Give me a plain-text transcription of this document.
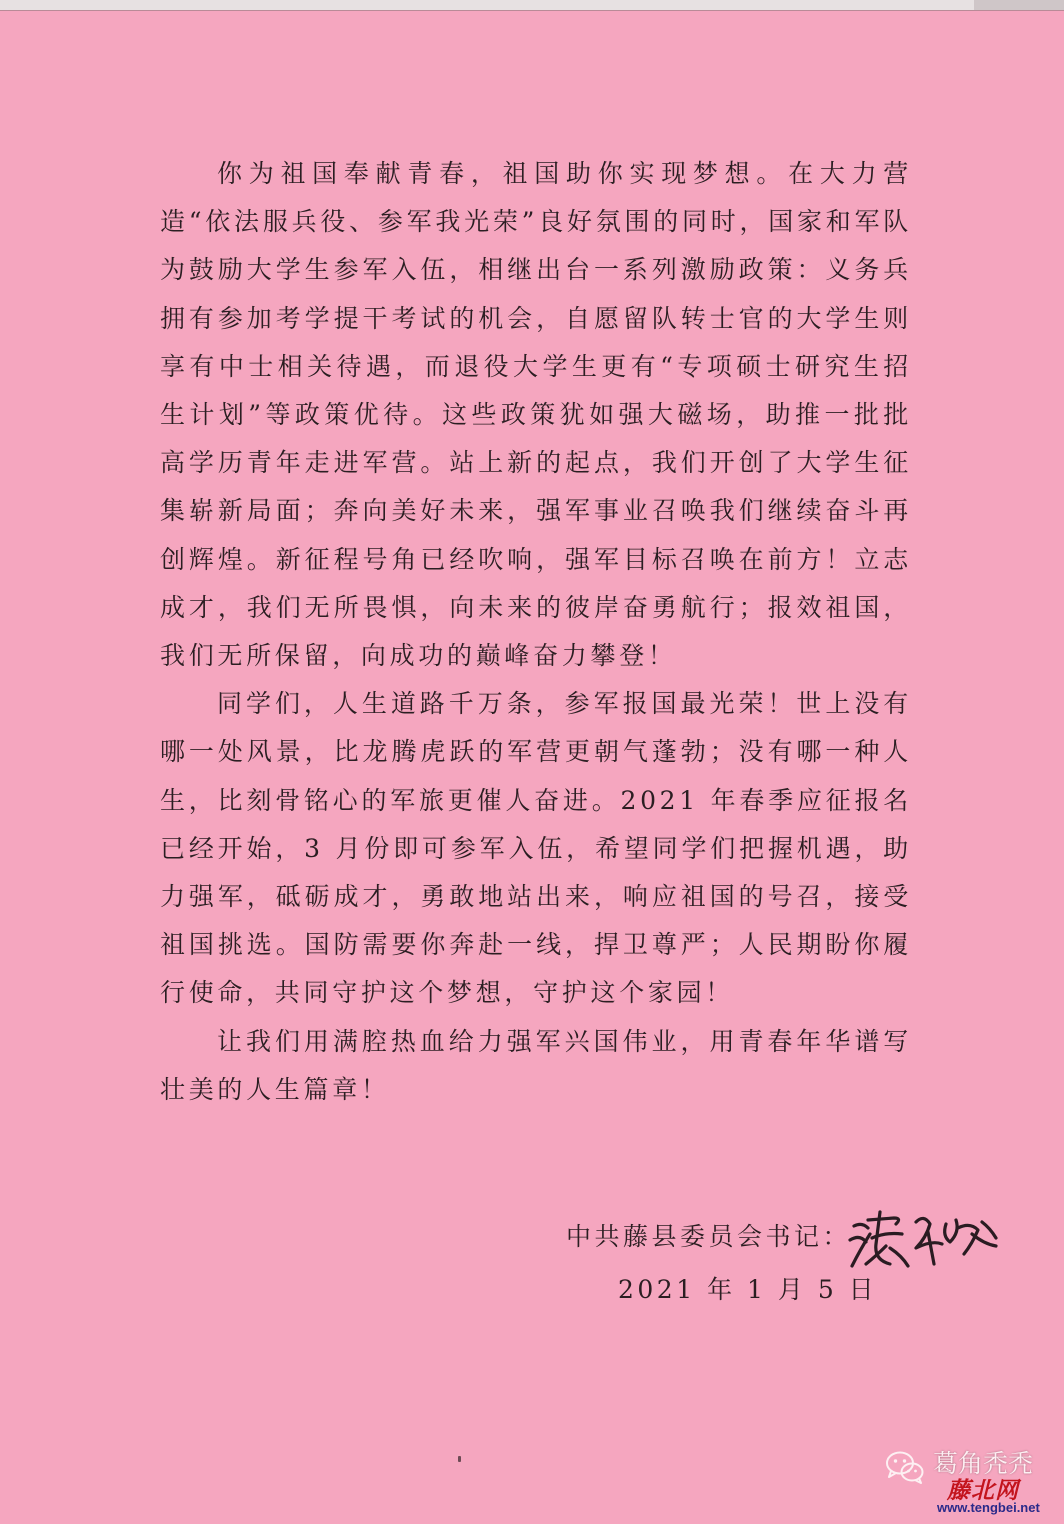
你为祖国奉献青春，祖国助你实现梦想。在大力营造“依法服兵役、参军我光荣”良好氛围的同时，国家和军队为鼓励大学生参军入伍，相继出台一系列激励政策：义务兵拥有参加考学提干考试的机会，自愿留队转士官的大学生则享有中士相关待遇，而退役大学生更有“专项硕士研究生招生计划”等政策优待。这些政策犹如强大磁场，助推一批批高学历青年走进军营。站上新的起点，我们开创了大学生征集崭新局面；奔向美好未来，强军事业召唤我们继续奋斗再创辉煌。新征程号角已经吹响，强军目标召唤在前方！立志成才，我们无所畏惧，向未来的彼岸奋勇航行；报效祖国，我们无所保留，向成功的巅峰奋力攀登！

同学们，人生道路千万条，参军报国最光荣！世上没有哪一处风景，比龙腾虎跃的军营更朝气蓬勃；没有哪一种人生，比刻骨铭心的军旅更催人奋进。2021 年春季应征报名已经开始，3 月份即可参军入伍，希望同学们把握机遇，助力强军，砥砺成才，勇敢地站出来，响应祖国的号召，接受祖国挑选。国防需要你奔赴一线，捍卫尊严；人民期盼你履行使命，共同守护这个梦想，守护这个家园！

让我们用满腔热血给力强军兴国伟业，用青春年华谱写壮美的人生篇章！

中共藤县委员会书记：
2021 年 1 月 5 日
葛角秃秃
藤北网
www.tengbei.net
